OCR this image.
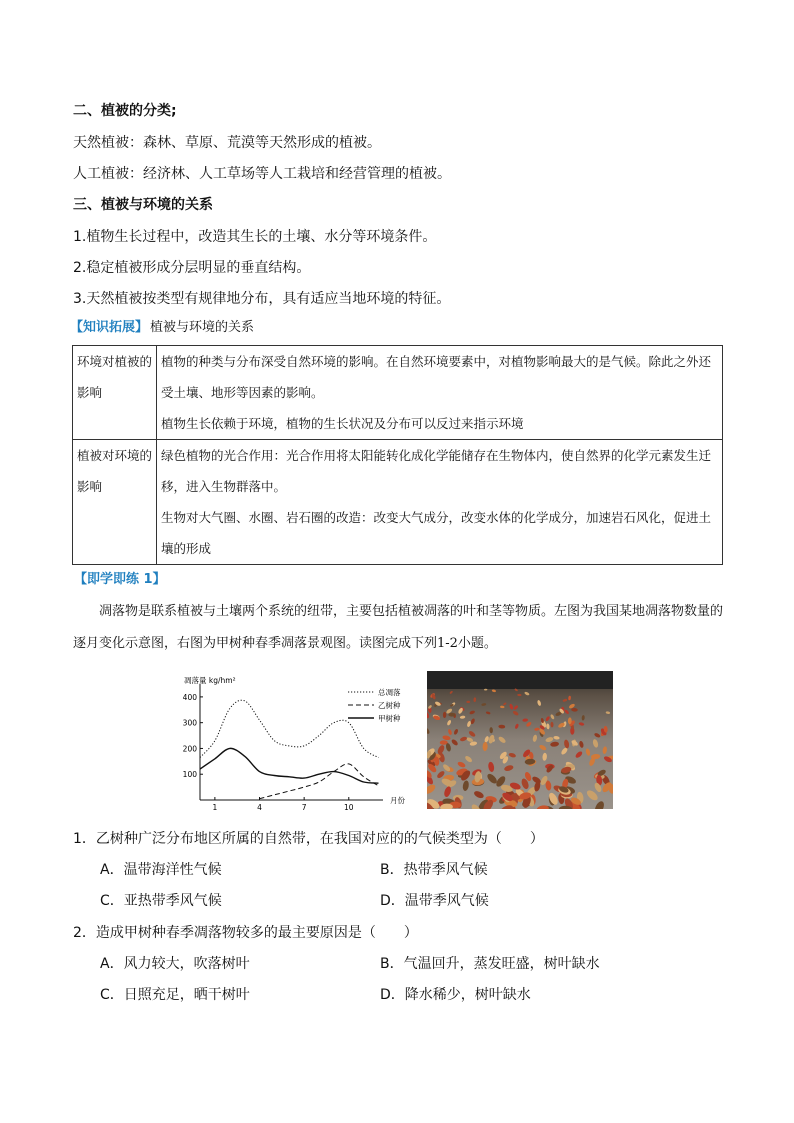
二、植被的分类;
天然植被：森林、草原、荒漠等天然形成的植被。
人工植被：经济林、人工草场等人工栽培和经营管理的植被。
三、植被与环境的关系
1.植物生长过程中，改造其生长的土壤、水分等环境条件。
2.稳定植被形成分层明显的垂直结构。
3.天然植被按类型有规律地分布，具有适应当地环境的特征。
【知识拓展】 植被与环境的关系
环境对植被的影响	植物的种类与分布深受自然环境的影响。在自然环境要素中，对植物影响最大的是气候。除此之外还受土壤、地形等因素的影响。
植物生长依赖于环境，植物的生长状况及分布可以反过来指示环境

植被对环境的影响	绿色植物的光合作用：光合作用将太阳能转化成化学能储存在生物体内，使自然界的化学元素发生迁移，进入生物群落中。
生物对大气圈、水圈、岩石圈的改造：改变大气成分，改变水体的化学成分，加速岩石风化，促进土壤的形成
【即学即练 1】
凋落物是联系植被与土壤两个系统的纽带，主要包括植被凋落的叶和茎等物质。左图为我国某地凋落物数量的逐月变化示意图，右图为甲树种春季凋落景观图。读图完成下列1-2小题。
凋落量 kg/hm²
月份
100
200
300
400
1	4	7	10
总凋落
乙树种
甲树种
1．乙树种广泛分布地区所属的自然带，在我国对应的的气候类型为（　　）
A．温带海洋性气候	B．热带季风气候
C．亚热带季风气候	D．温带季风气候
2．造成甲树种春季凋落物较多的最主要原因是（　　）
A．风力较大，吹落树叶	B．气温回升，蒸发旺盛，树叶缺水
C．日照充足，晒干树叶	D．降水稀少，树叶缺水
